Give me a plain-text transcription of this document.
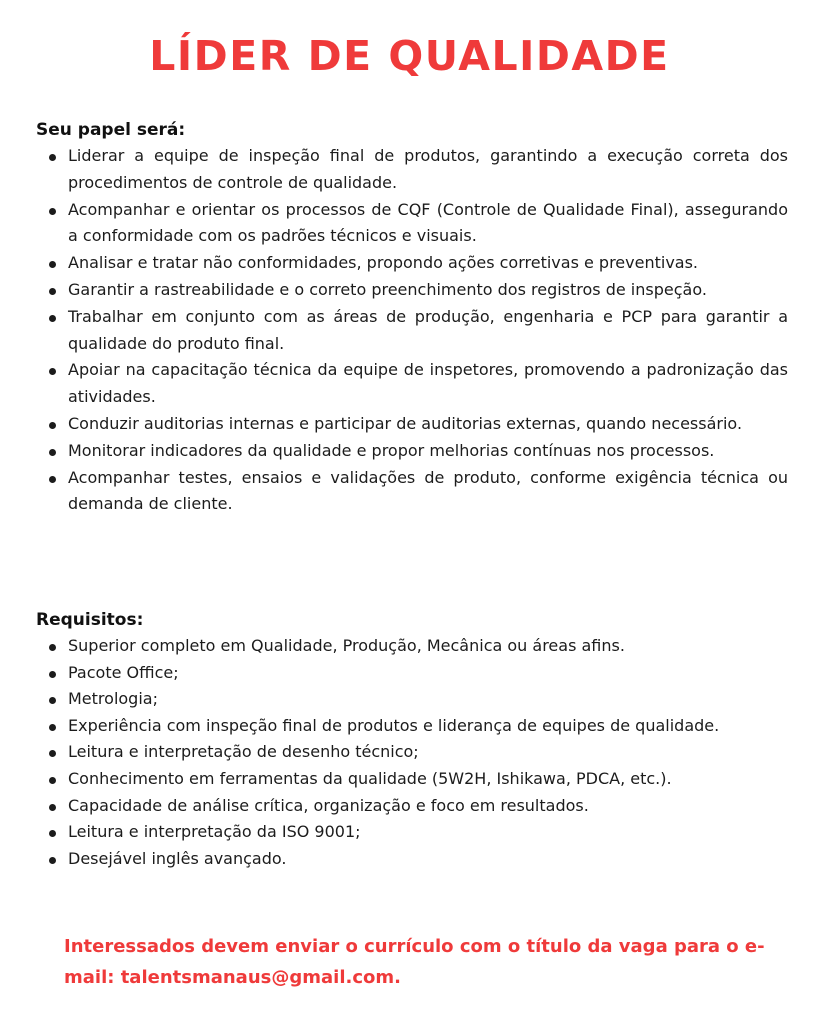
LÍDER DE QUALIDADE

Seu papel será:

Liderar a equipe de inspeção final de produtos, garantindo a execução correta dos procedimentos de controle de qualidade.
Acompanhar e orientar os processos de CQF (Controle de Qualidade Final), assegurando a conformidade com os padrões técnicos e visuais.
Analisar e tratar não conformidades, propondo ações corretivas e preventivas.
Garantir a rastreabilidade e o correto preenchimento dos registros de inspeção.
Trabalhar em conjunto com as áreas de produção, engenharia e PCP para garantir a qualidade do produto final.
Apoiar na capacitação técnica da equipe de inspetores, promovendo a padronização das atividades.
Conduzir auditorias internas e participar de auditorias externas, quando necessário.
Monitorar indicadores da qualidade e propor melhorias contínuas nos processos.
Acompanhar testes, ensaios e validações de produto, conforme exigência técnica ou demanda de cliente.

Requisitos:

Superior completo em Qualidade, Produção, Mecânica ou áreas afins.
Pacote Office;
Metrologia;
Experiência com inspeção final de produtos e liderança de equipes de qualidade.
Leitura e interpretação de desenho técnico;
Conhecimento em ferramentas da qualidade (5W2H, Ishikawa, PDCA, etc.).
Capacidade de análise crítica, organização e foco em resultados.
Leitura e interpretação da ISO 9001;
Desejável inglês avançado.

Interessados devem enviar o currículo com o título da vaga para o e-mail: talentsmanaus@gmail.com.
